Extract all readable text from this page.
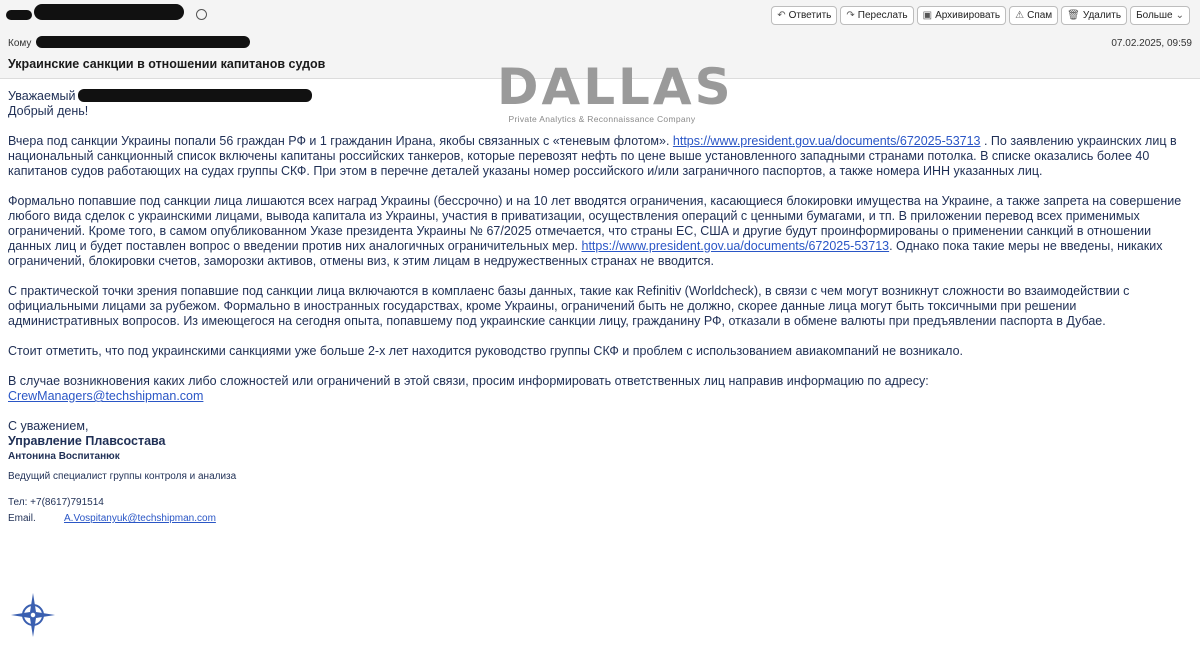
Кому	07.02.2025, 09:59
Украинские санкции в отношении капитанов судов
↶ Ответить ↷ Переслать ▣ Архивировать ⚠ Спам 🗑 Удалить Больше ⌄
DALLAS
Private Analytics & Reconnaissance Company

Уважаемый

Добрый день!

Вчера под санкции Украины попали 56 граждан РФ и 1 гражданин Ирана, якобы связанных с «теневым флотом». https://www.president.gov.ua/documents/672025-53713 . По заявлению украинских лиц в национальный санкционный список включены капитаны российских танкеров, которые перевозят нефть по цене выше установленного западными странами потолка. В списке оказались более 40 капитанов судов работающих на судах группы СКФ. При этом в перечне деталей указаны номер российского и/или заграничного паспортов, а также номера ИНН указанных лиц.

Формально попавшие под санкции лица лишаются всех наград Украины (бессрочно) и на 10 лет вводятся ограничения, касающиеся блокировки имущества на Украине, а также запрета на совершение любого вида сделок с украинскими лицами, вывода капитала из Украины, участия в приватизации, осуществления операций с ценными бумагами, и тп. В приложении перевод всех применимых ограничений. Кроме того, в самом опубликованном Указе президента Украины № 67/2025 отмечается, что страны ЕС, США и другие будут проинформированы о применении санкций в отношении данных лиц и будет поставлен вопрос о введении против них аналогичных ограничительных мер. https://www.president.gov.ua/documents/672025-53713. Однако пока такие меры не введены, никаких ограничений, блокировки счетов, заморозки активов, отмены виз, к этим лицам в недружественных странах не вводится.

С практической точки зрения попавшие под санкции лица включаются в комплаенс базы данных, такие как Refinitiv (Worldcheck), в связи с чем могут возникнут сложности во взаимодействии с официальными лицами за рубежом. Формально в иностранных государствах, кроме Украины, ограничений быть не должно, скорее данные лица могут быть токсичными при решении административных вопросов. Из имеющегося на сегодня опыта, попавшему под украинские санкции лицу, гражданину РФ, отказали в обмене валюты при предъявлении паспорта в Дубае.

Стоит отметить, что под украинскими санкциями уже больше 2-х лет находится руководство группы СКФ и проблем с использованием авиакомпаний не возникало.

В случае возникновения каких либо сложностей или ограничений в этой связи, просим информировать ответственных лиц направив информацию по адресу:

CrewManagers@techshipman.com

С уважением,

Управление Плавсостава

Антонина Воспитанюк

Ведущий специалист группы контроля и анализа

Тел: +7(8617)791514
Email.	A.Vospitanyuk@techshipman.com
